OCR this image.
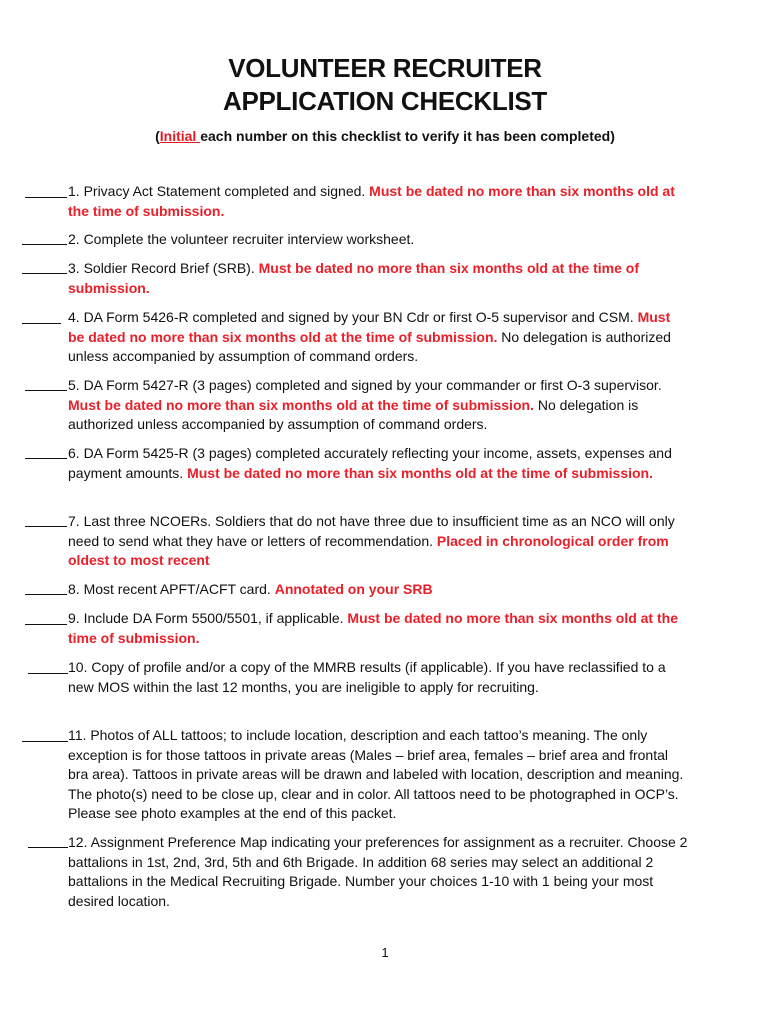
VOLUNTEER RECRUITER
APPLICATION CHECKLIST
(Initial each number on this checklist to verify it has been completed)
1. Privacy Act Statement completed and signed. Must be dated no more than six months old at the time of submission.
2. Complete the volunteer recruiter interview worksheet.
3. Soldier Record Brief (SRB). Must be dated no more than six months old at the time of submission.
4. DA Form 5426-R completed and signed by your BN Cdr or first O-5 supervisor and CSM. Must be dated no more than six months old at the time of submission. No delegation is authorized unless accompanied by assumption of command orders.
5. DA Form 5427-R (3 pages) completed and signed by your commander or first O-3 supervisor. Must be dated no more than six months old at the time of submission. No delegation is authorized unless accompanied by assumption of command orders.
6. DA Form 5425-R (3 pages) completed accurately reflecting your income, assets, expenses and payment amounts. Must be dated no more than six months old at the time of submission.
7. Last three NCOERs. Soldiers that do not have three due to insufficient time as an NCO will only need to send what they have or letters of recommendation. Placed in chronological order from oldest to most recent
8. Most recent APFT/ACFT card. Annotated on your SRB
9. Include DA Form 5500/5501, if applicable. Must be dated no more than six months old at the time of submission.
10. Copy of profile and/or a copy of the MMRB results (if applicable). If you have reclassified to a new MOS within the last 12 months, you are ineligible to apply for recruiting.
11. Photos of ALL tattoos; to include location, description and each tattoo’s meaning. The only exception is for those tattoos in private areas (Males – brief area, females – brief area and frontal bra area). Tattoos in private areas will be drawn and labeled with location, description and meaning. The photo(s) need to be close up, clear and in color. All tattoos need to be photographed in OCP’s. Please see photo examples at the end of this packet.
12. Assignment Preference Map indicating your preferences for assignment as a recruiter. Choose 2 battalions in 1st, 2nd, 3rd, 5th and 6th Brigade. In addition 68 series may select an additional 2 battalions in the Medical Recruiting Brigade. Number your choices 1-10 with 1 being your most desired location.
1
